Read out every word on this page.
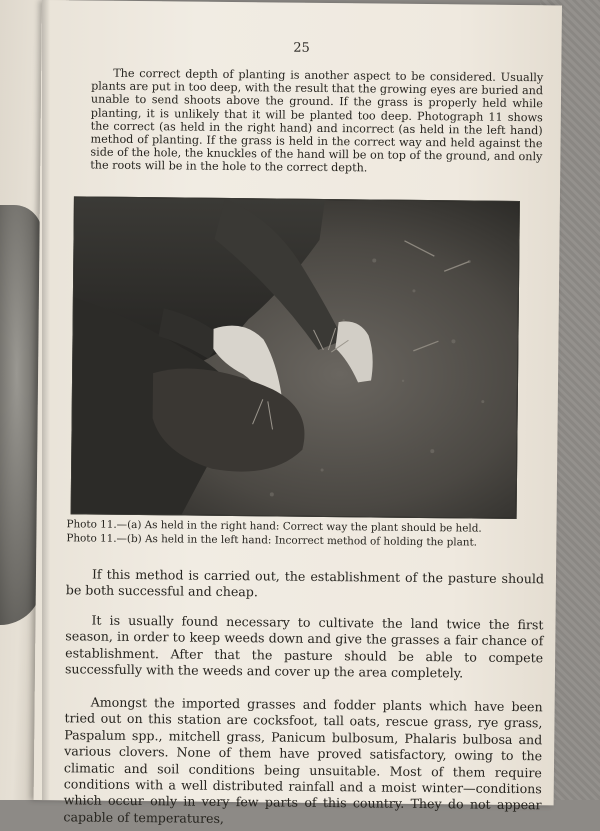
25

The correct depth of planting is another aspect to be considered. Usually plants are put in too deep, with the result that the growing eyes are buried and unable to send shoots above the ground. If the grass is properly held while planting, it is unlikely that it will be planted too deep. Photograph 11 shows the correct (as held in the right hand) and incorrect (as held in the left hand) method of planting. If the grass is held in the correct way and held against the side of the hole, the knuckles of the hand will be on top of the ground, and only the roots will be in the hole to the correct depth.

Photo 11.—(a) As held in the right hand: Correct way the plant should be held.

Photo 11.—(b) As held in the left hand: Incorrect method of holding the plant.

If this method is carried out, the establishment of the pasture should be both successful and cheap.

It is usually found necessary to cultivate the land twice the first season, in order to keep weeds down and give the grasses a fair chance of establishment. After that the pasture should be able to compete successfully with the weeds and cover up the area completely.

Amongst the imported grasses and fodder plants which have been tried out on this station are cocksfoot, tall oats, rescue grass, rye grass, Paspalum spp., mitchell grass, Panicum bulbosum, Phalaris bulbosa and various clovers. None of them have proved satisfactory, owing to the climatic and soil conditions being unsuitable. Most of them require conditions with a well distributed rainfall and a moist winter—conditions which occur only in very few parts of this country. They do not appear capable of temperatures,
